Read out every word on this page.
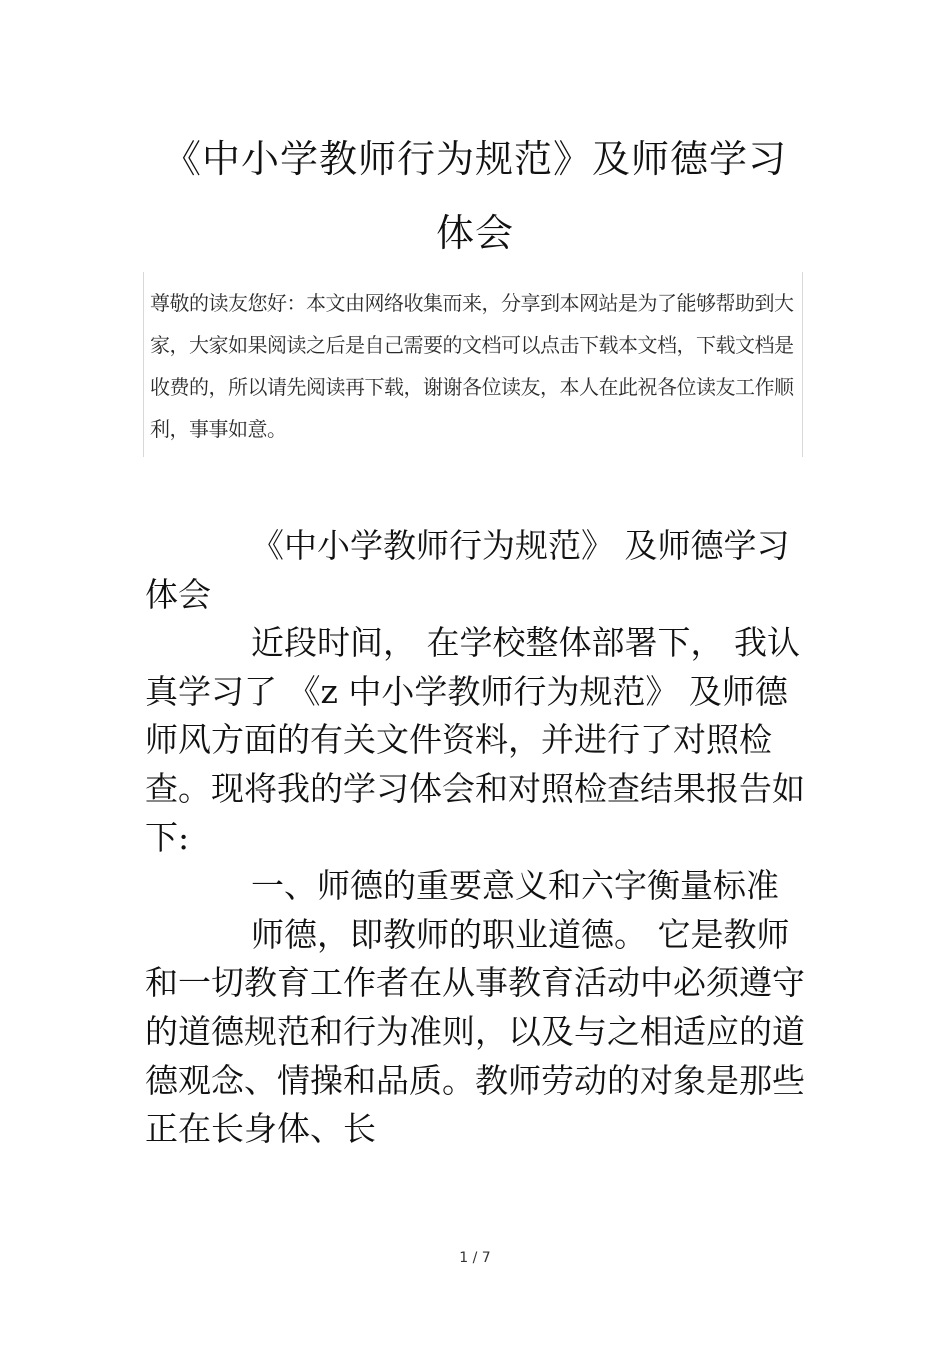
《中小学教师行为规范》及师德学习
体会
尊敬的读友您好：本文由网络收集而来，分享到本网站是为了能够帮助到大家，大家如果阅读之后是自己需要的文档可以点击下载本文档，下载文档是收费的，所以请先阅读再下载，谢谢各位读友，本人在此祝各位读友工作顺利，事事如意。

《中小学教师行为规范》 及师德学习体会

近段时间， 在学校整体部署下， 我认真学习了 《z 中小学教师行为规范》 及师德师风方面的有关文件资料，并进行了对照检查。现将我的学习体会和对照检查结果报告如下:

一、师德的重要意义和六字衡量标准

师德，即教师的职业道德。 它是教师和一切教育工作者在从事教育活动中必须遵守的道德规范和行为准则，以及与之相适应的道德观念、情操和品质。教师劳动的对象是那些正在长身体、长

1 / 7
